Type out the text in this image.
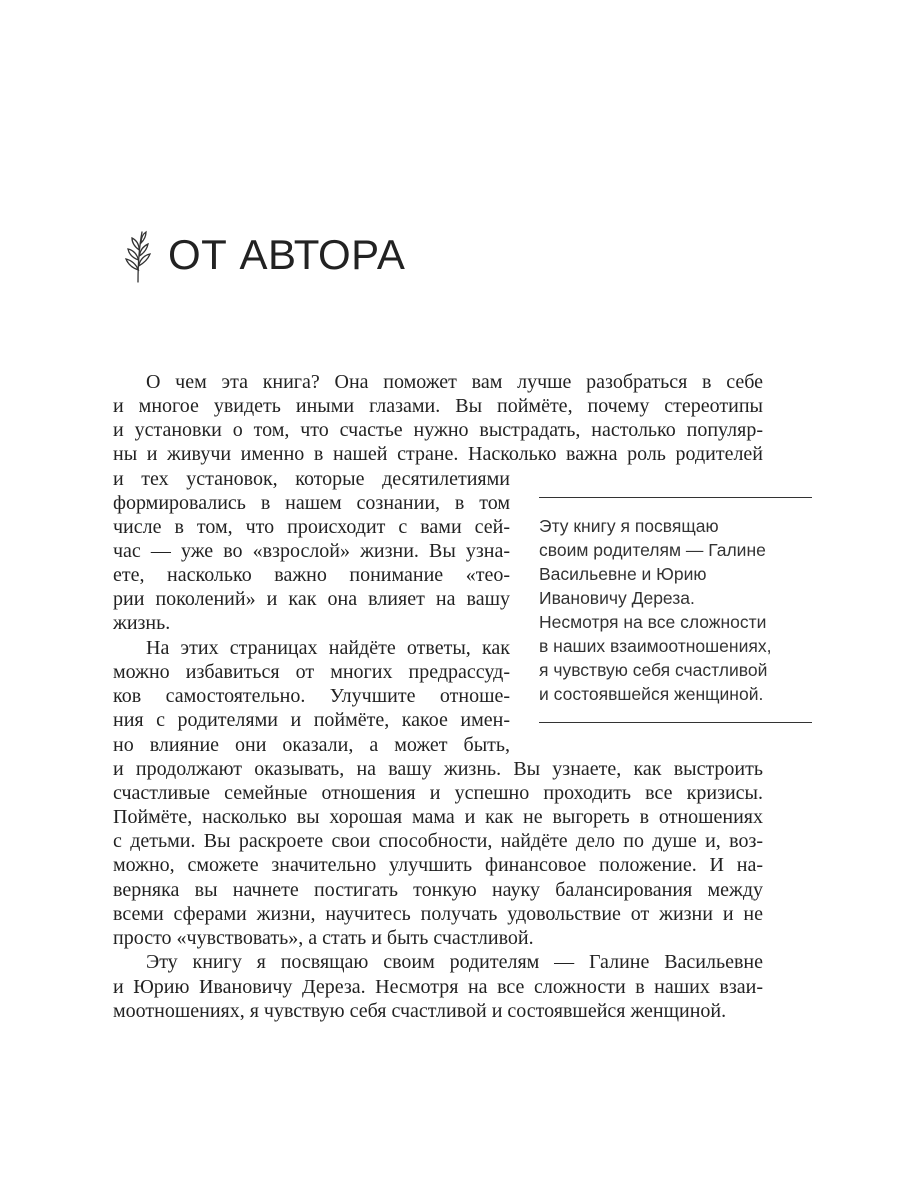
ОТ АВТОРА
О чем эта книга? Она поможет вам лучше разобраться в себе
и многое увидеть иными глазами. Вы поймёте, почему стереотипы
и установки о том, что счастье нужно выстрадать, настолько популяр-
ны и живучи именно в нашей стране. Насколько важна роль родителей
и тех установок, которые десятилетиями
формировались в нашем сознании, в том
числе в том, что происходит с вами сей-
час — уже во «взрослой» жизни. Вы узна-
ете, насколько важно понимание «тео-
рии поколений» и как она влияет на вашу
жизнь.
На этих страницах найдёте ответы, как
можно избавиться от многих предрассуд-
ков самостоятельно. Улучшите отноше-
ния с родителями и поймёте, какое имен-
но влияние они оказали, а может быть,
и продолжают оказывать, на вашу жизнь. Вы узнаете, как выстроить
счастливые семейные отношения и успешно проходить все кризисы.
Поймёте, насколько вы хорошая мама и как не выгореть в отношениях
с детьми. Вы раскроете свои способности, найдёте дело по душе и, воз-
можно, сможете значительно улучшить финансовое положение. И на-
верняка вы начнете постигать тонкую науку балансирования между
всеми сферами жизни, научитесь получать удовольствие от жизни и не
просто «чувствовать», а стать и быть счастливой.
Эту книгу я посвящаю своим родителям — Галине Васильевне
и Юрию Ивановичу Дереза. Несмотря на все сложности в наших взаи-
моотношениях, я чувствую себя счастливой и состоявшейся женщиной.
Эту книгу я посвящаю
своим родителям — Галине
Васильевне и Юрию
Ивановичу Дереза.
Несмотря на все сложности
в наших взаимоотношениях,
я чувствую себя счастливой
и состоявшейся женщиной.
